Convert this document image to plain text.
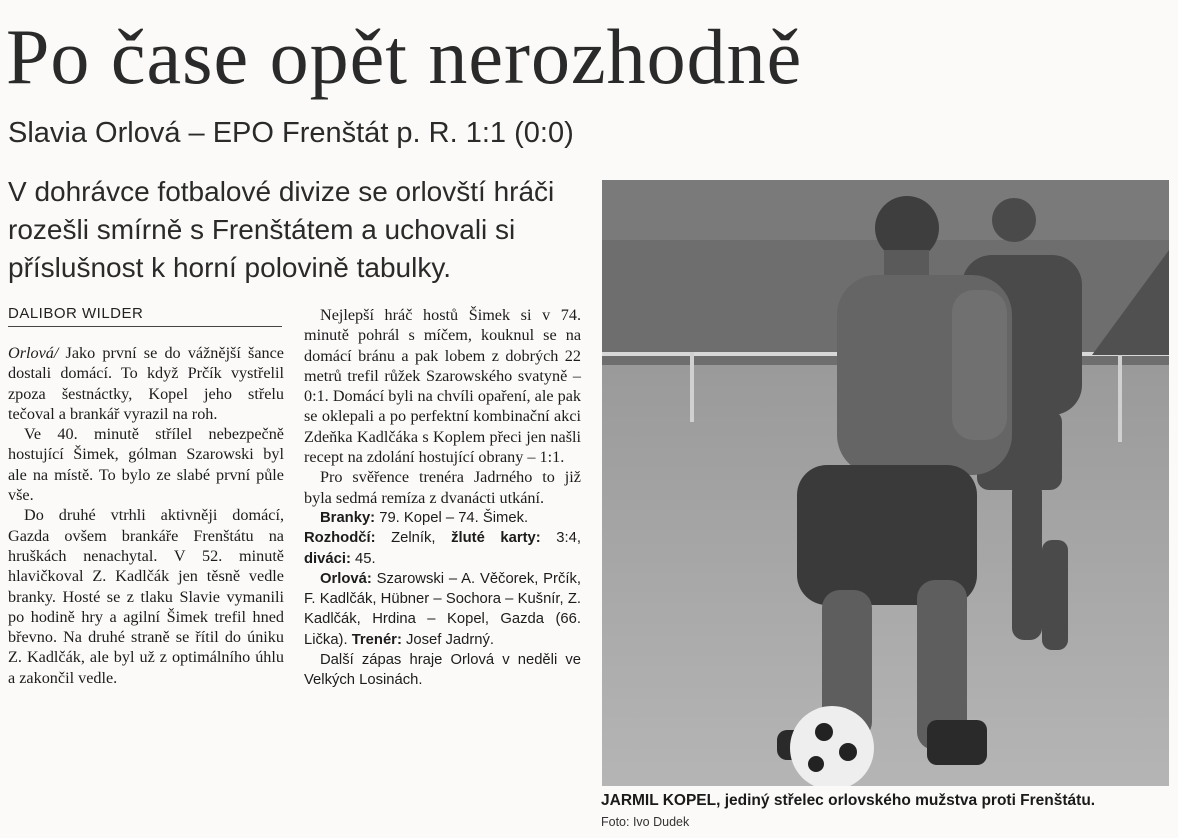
Po čase opět nerozhodně
Slavia Orlová – EPO Frenštát p. R. 1:1 (0:0)
V dohrávce fotbalové divize se orlovští hráči rozešli smírně s Frenštátem a uchovali si příslušnost k horní polovině tabulky.
DALIBOR WILDER

Orlová/ Jako první se do vážnější šance dostali domácí. To když Prčík vystřelil zpoza šestnáctky, Kopel jeho střelu tečoval a brankář vyrazil na roh.

Ve 40. minutě střílel nebezpečně hostující Šimek, gólman Szarowski byl ale na místě. To bylo ze slabé první půle vše.

Do druhé vtrhli aktivněji domácí, Gazda ovšem brankáře Frenštátu na hruškách nenachytal. V 52. minutě hlavičkoval Z. Kadlčák jen těsně vedle branky. Hosté se z tlaku Slavie vymanili po hodině hry a agilní Šimek trefil hned břevno. Na druhé straně se řítil do úniku Z. Kadlčák, ale byl už z optimálního úhlu a zakončil vedle.

Nejlepší hráč hostů Šimek si v 74. minutě pohrál s míčem, kouknul se na domácí bránu a pak lobem z dobrých 22 metrů trefil růžek Szarowského svatyně – 0:1. Domácí byli na chvíli opaření, ale pak se oklepali a po perfektní kombinační akci Zdeňka Kadlčáka s Koplem přeci jen našli recept na zdolání hostující obrany – 1:1.

Pro svěřence trenéra Jadrného to již byla sedmá remíza z dvanácti utkání.

Branky: 79. Kopel – 74. Šimek.

Rozhodčí: Zelník, žluté karty: 3:4, diváci: 45.

Orlová: Szarowski – A. Věčorek, Prčík, F. Kadlčák, Hübner – Sochora – Kušnír, Z. Kadlčák, Hrdina – Kopel, Gazda (66. Lička). Trenér: Josef Jadrný.

Další zápas hraje Orlová v neděli ve Velkých Losinách.

JARMIL KOPEL, jediný střelec orlovského mužstva proti Frenštátu.
Foto: Ivo Dudek
